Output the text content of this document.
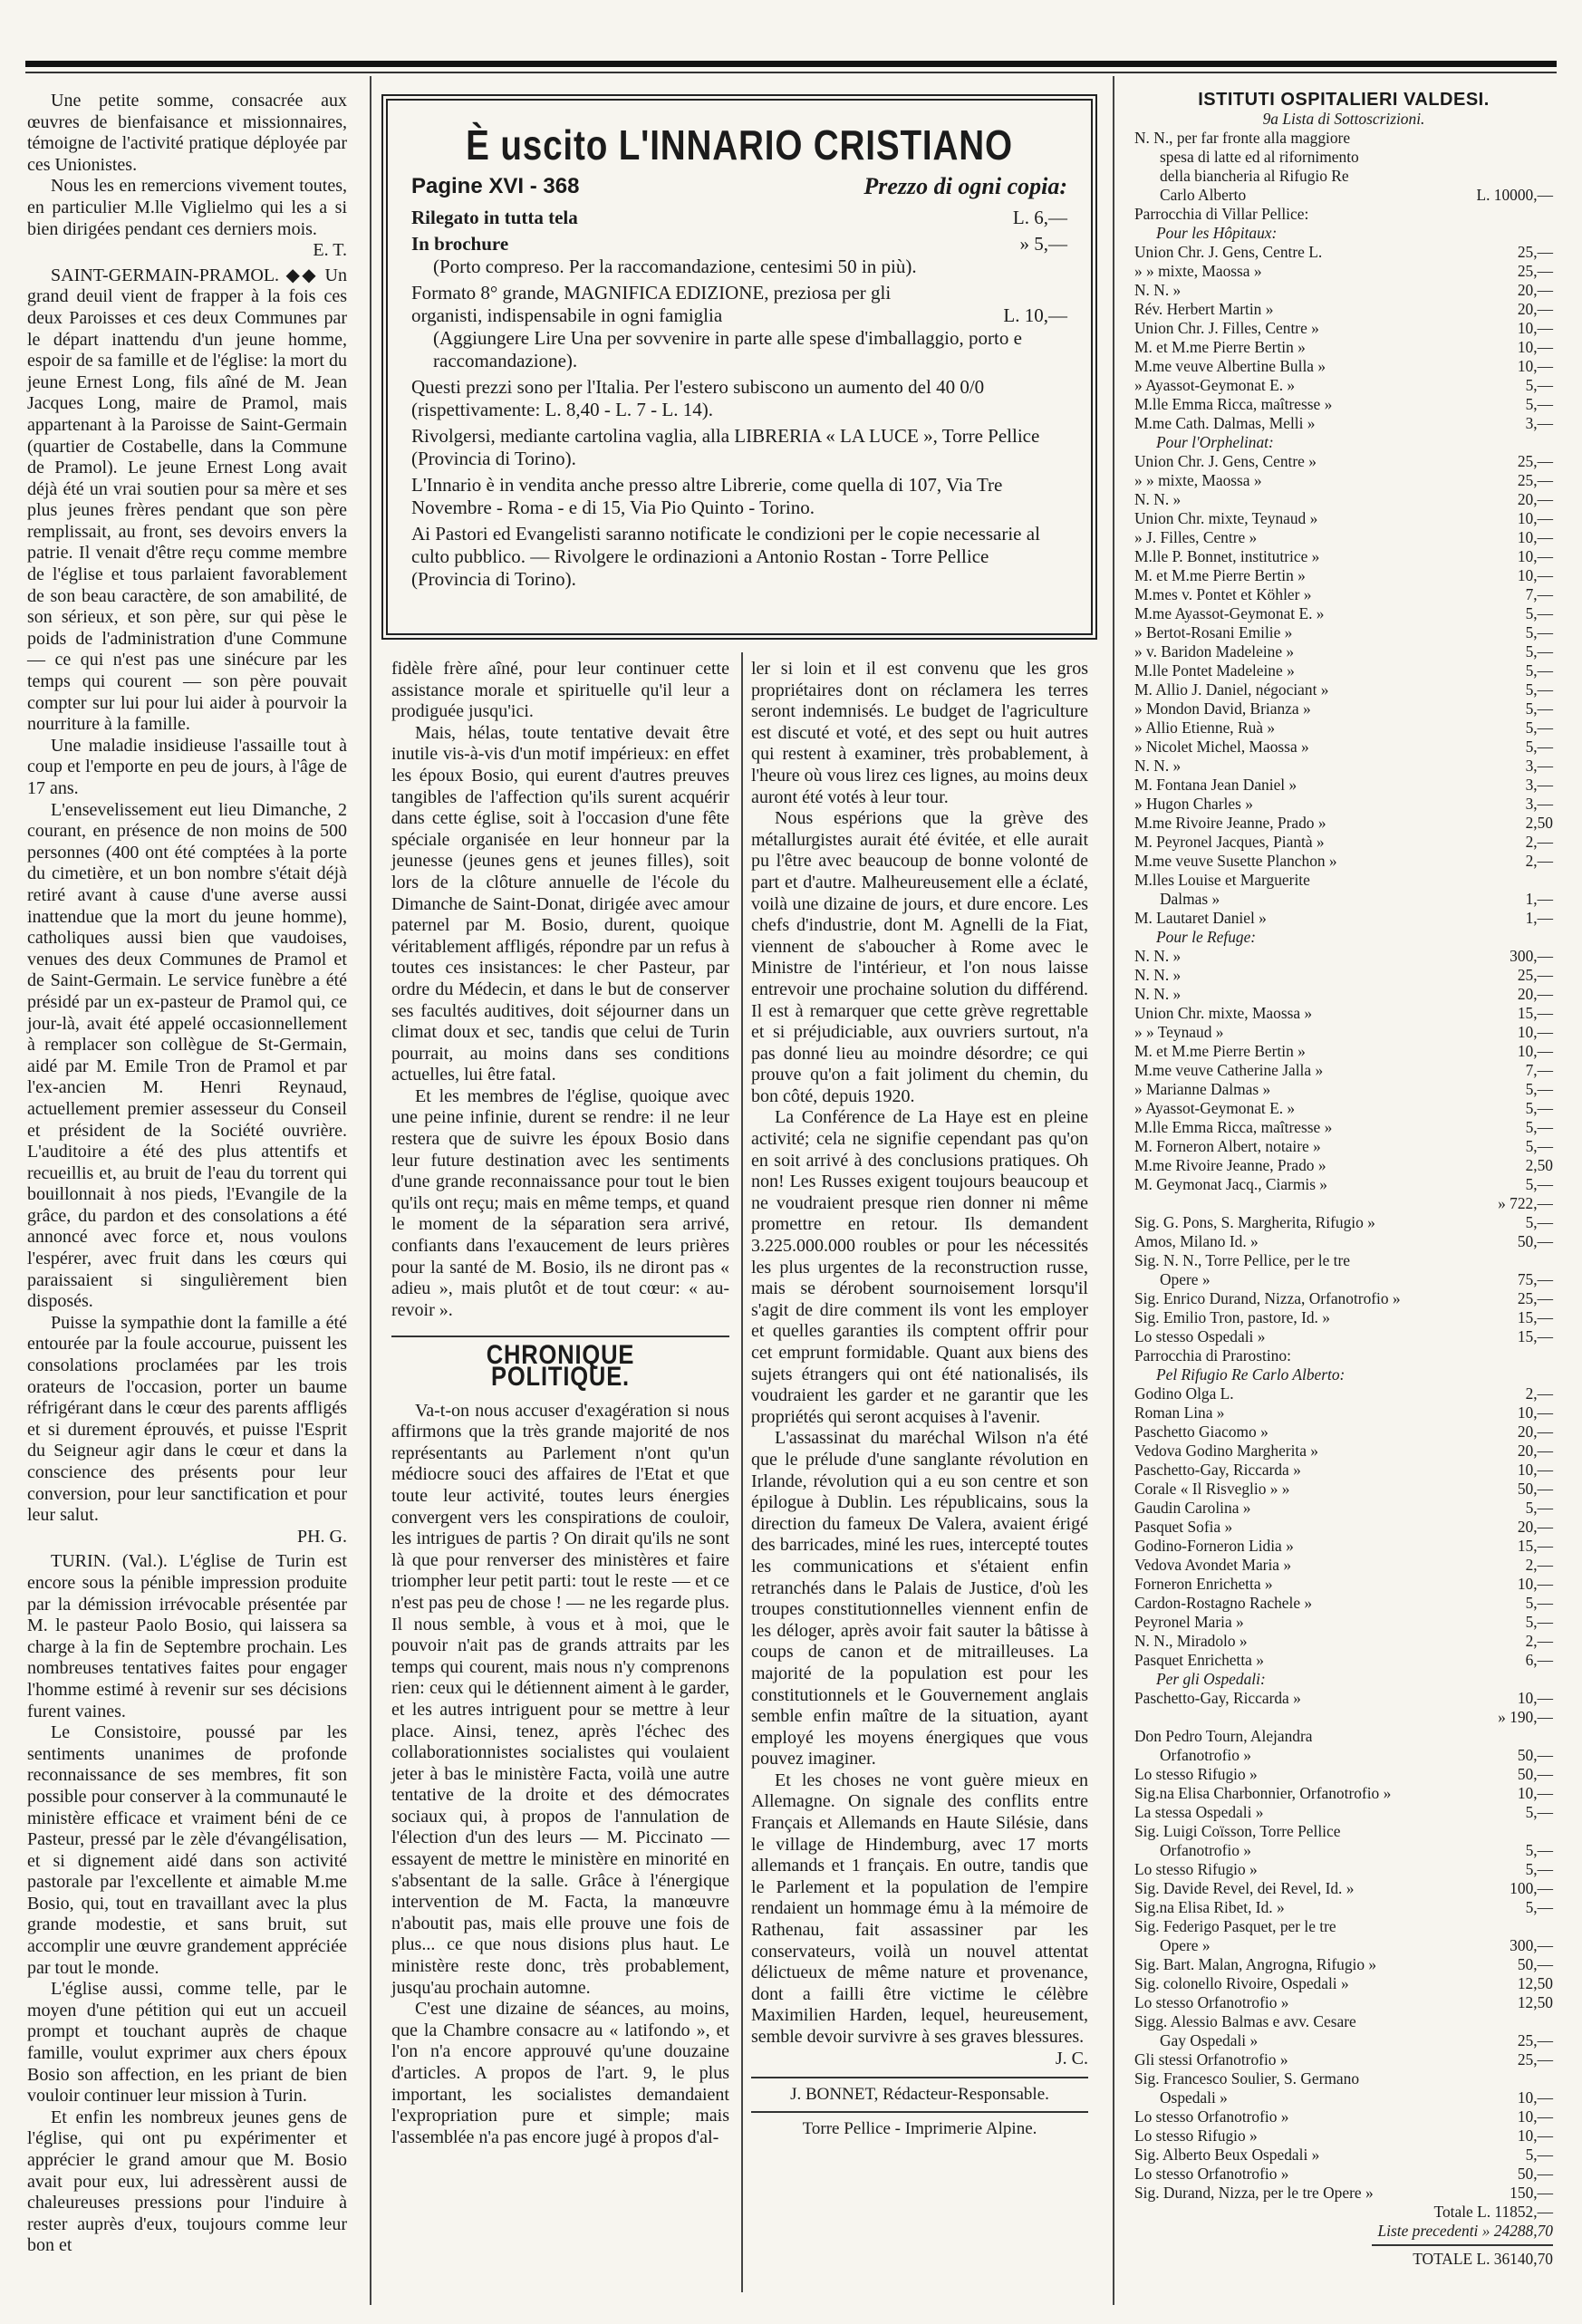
Une petite somme, consacrée aux œuvres de bienfaisance et missionnaires, témoigne de l'activité pratique déployée par ces Unionistes.

Nous les en remercions vivement toutes, en particulier M.lle Viglielmo qui les a si bien dirigées pendant ces derniers mois.

E. T.

SAINT-GERMAIN-PRAMOL. ◆◆ Un grand deuil vient de frapper à la fois ces deux Paroisses et ces deux Communes par le départ inattendu d'un jeune homme, espoir de sa famille et de l'église: la mort du jeune Ernest Long, fils aîné de M. Jean Jacques Long, maire de Pramol, mais appartenant à la Paroisse de Saint-Germain (quartier de Costabelle, dans la Commune de Pramol). Le jeune Ernest Long avait déjà été un vrai soutien pour sa mère et ses plus jeunes frères pendant que son père remplissait, au front, ses devoirs envers la patrie. Il venait d'être reçu comme membre de l'église et tous parlaient favorablement de son beau caractère, de son amabilité, de son sérieux, et son père, sur qui pèse le poids de l'administration d'une Commune — ce qui n'est pas une sinécure par les temps qui courent — son père pouvait compter sur lui pour lui aider à pourvoir la nourriture à la famille.

Une maladie insidieuse l'assaille tout à coup et l'emporte en peu de jours, à l'âge de 17 ans.

L'ensevelissement eut lieu Dimanche, 2 courant, en présence de non moins de 500 personnes (400 ont été comptées à la porte du cimetière, et un bon nombre s'était déjà retiré avant à cause d'une averse aussi inattendue que la mort du jeune homme), catholiques aussi bien que vaudoises, venues des deux Communes de Pramol et de Saint-Germain. Le service funèbre a été présidé par un ex-pasteur de Pramol qui, ce jour-là, avait été appelé occasionnellement à remplacer son collègue de St-Germain, aidé par M. Emile Tron de Pramol et par l'ex-ancien M. Henri Reynaud, actuellement premier assesseur du Conseil et président de la Société ouvrière. L'auditoire a été des plus attentifs et recueillis et, au bruit de l'eau du torrent qui bouillonnait à nos pieds, l'Evangile de la grâce, du pardon et des consolations a été annoncé avec force et, nous voulons l'espérer, avec fruit dans les cœurs qui paraissaient si singulièrement bien disposés.

Puisse la sympathie dont la famille a été entourée par la foule accourue, puissent les consolations proclamées par les trois orateurs de l'occasion, porter un baume réfrigérant dans le cœur des parents affligés et si durement éprouvés, et puisse l'Esprit du Seigneur agir dans le cœur et dans la conscience des présents pour leur conversion, pour leur sanctification et pour leur salut.

PH. G.

TURIN. (Val.). L'église de Turin est encore sous la pénible impression produite par la démission irrévocable présentée par M. le pasteur Paolo Bosio, qui laissera sa charge à la fin de Septembre prochain. Les nombreuses tentatives faites pour engager l'homme estimé à revenir sur ses décisions furent vaines.

Le Consistoire, poussé par les sentiments unanimes de profonde reconnaissance de ses membres, fit son possible pour conserver à la communauté le ministère efficace et vraiment béni de ce Pasteur, pressé par le zèle d'évangélisation, et si dignement aidé dans son activité pastorale par l'excellente et aimable M.me Bosio, qui, tout en travaillant avec la plus grande modestie, et sans bruit, sut accomplir une œuvre grandement appréciée par tout le monde.

L'église aussi, comme telle, par le moyen d'une pétition qui eut un accueil prompt et touchant auprès de chaque famille, voulut exprimer aux chers époux Bosio son affection, en les priant de bien vouloir continuer leur mission à Turin.

Et enfin les nombreux jeunes gens de l'église, qui ont pu expérimenter et apprécier le grand amour que M. Bosio avait pour eux, lui adressèrent aussi de chaleureuses pressions pour l'induire à rester auprès d'eux, toujours comme leur bon et

È uscito L'INNARIO CRISTIANO
Pagine XVI - 368	Prezzo di ogni copia:
Rilegato in tutta tela	L. 6,—
In brochure	» 5,—
(Porto compreso. Per la raccomandazione, centesimi 50 in più).
Formato 8° grande, MAGNIFICA EDIZIONE, preziosa per gli organisti, indispensabile in ogni famiglia	L. 10,—
(Aggiungere Lire Una per sovvenire in parte alle spese d'imballaggio, porto e raccomandazione).
Questi prezzi sono per l'Italia. Per l'estero subiscono un aumento del 40 0/0 (rispettivamente: L. 8,40 - L. 7 - L. 14).
Rivolgersi, mediante cartolina vaglia, alla LIBRERIA « LA LUCE », Torre Pellice (Provincia di Torino).
L'Innario è in vendita anche presso altre Librerie, come quella di 107, Via Tre Novembre - Roma - e di 15, Via Pio Quinto - Torino.
Ai Pastori ed Evangelisti saranno notificate le condizioni per le copie necessarie al culto pubblico. — Rivolgere le ordinazioni a Antonio Rostan - Torre Pellice (Provincia di Torino).

fidèle frère aîné, pour leur continuer cette assistance morale et spirituelle qu'il leur a prodiguée jusqu'ici.

Mais, hélas, toute tentative devait être inutile vis-à-vis d'un motif impérieux: en effet les époux Bosio, qui eurent d'autres preuves tangibles de l'affection qu'ils surent acquérir dans cette église, soit à l'occasion d'une fête spéciale organisée en leur honneur par la jeunesse (jeunes gens et jeunes filles), soit lors de la clôture annuelle de l'école du Dimanche de Saint-Donat, dirigée avec amour paternel par M. Bosio, durent, quoique véritablement affligés, répondre par un refus à toutes ces insistances: le cher Pasteur, par ordre du Médecin, et dans le but de conserver ses facultés auditives, doit séjourner dans un climat doux et sec, tandis que celui de Turin pourrait, au moins dans ses conditions actuelles, lui être fatal.

Et les membres de l'église, quoique avec une peine infinie, durent se rendre: il ne leur restera que de suivre les époux Bosio dans leur future destination avec les sentiments d'une grande reconnaissance pour tout le bien qu'ils ont reçu; mais en même temps, et quand le moment de la séparation sera arrivé, confiants dans l'exaucement de leurs prières pour la santé de M. Bosio, ils ne diront pas « adieu », mais plutôt et de tout cœur: « au-revoir ».

CHRONIQUE POLITIQUE.

Va-t-on nous accuser d'exagération si nous affirmons que la très grande majorité de nos représentants au Parlement n'ont qu'un médiocre souci des affaires de l'Etat et que toute leur activité, toutes leurs énergies convergent vers les conspirations de couloir, les intrigues de partis ? On dirait qu'ils ne sont là que pour renverser des ministères et faire triompher leur petit parti: tout le reste — et ce n'est pas peu de chose ! — ne les regarde plus. Il nous semble, à vous et à moi, que le pouvoir n'ait pas de grands attraits par les temps qui courent, mais nous n'y comprenons rien: ceux qui le détiennent aiment à le garder, et les autres intriguent pour se mettre à leur place. Ainsi, tenez, après l'échec des collaborationnistes socialistes qui voulaient jeter à bas le ministère Facta, voilà une autre tentative de la droite et des démocrates sociaux qui, à propos de l'annulation de l'élection d'un des leurs — M. Piccinato — essayent de mettre le ministère en minorité en s'absentant de la salle. Grâce à l'énergique intervention de M. Facta, la manœuvre n'aboutit pas, mais elle prouve une fois de plus... ce que nous disions plus haut. Le ministère reste donc, très probablement, jusqu'au prochain automne.

C'est une dizaine de séances, au moins, que la Chambre consacre au « latifondo », et l'on n'a encore approuvé qu'une douzaine d'articles. A propos de l'art. 9, le plus important, les socialistes demandaient l'expropriation pure et simple; mais l'assemblée n'a pas encore jugé à propos d'al-

ler si loin et il est convenu que les gros propriétaires dont on réclamera les terres seront indemnisés. Le budget de l'agriculture est discuté et voté, et des sept ou huit autres qui restent à examiner, très probablement, à l'heure où vous lirez ces lignes, au moins deux auront été votés à leur tour.

Nous espérions que la grève des métallurgistes aurait été évitée, et elle aurait pu l'être avec beaucoup de bonne volonté de part et d'autre. Malheureusement elle a éclaté, voilà une dizaine de jours, et dure encore. Les chefs d'industrie, dont M. Agnelli de la Fiat, viennent de s'aboucher à Rome avec le Ministre de l'intérieur, et l'on nous laisse entrevoir une prochaine solution du différend. Il est à remarquer que cette grève regrettable et si préjudiciable, aux ouvriers surtout, n'a pas donné lieu au moindre désordre; ce qui prouve qu'on a fait joliment du chemin, du bon côté, depuis 1920.

La Conférence de La Haye est en pleine activité; cela ne signifie cependant pas qu'on en soit arrivé à des conclusions pratiques. Oh non! Les Russes exigent toujours beaucoup et ne voudraient presque rien donner ni même promettre en retour. Ils demandent 3.225.000.000 roubles or pour les nécessités les plus urgentes de la reconstruction russe, mais se dérobent sournoisement lorsqu'il s'agit de dire comment ils vont les employer et quelles garanties ils comptent offrir pour cet emprunt formidable. Quant aux biens des sujets étrangers qui ont été nationalisés, ils voudraient les garder et ne garantir que les propriétés qui seront acquises à l'avenir.

L'assassinat du maréchal Wilson n'a été que le prélude d'une sanglante révolution en Irlande, révolution qui a eu son centre et son épilogue à Dublin. Les républicains, sous la direction du fameux De Valera, avaient érigé des barricades, miné les rues, intercepté toutes les communications et s'étaient enfin retranchés dans le Palais de Justice, d'où les troupes constitutionnelles viennent enfin de les déloger, après avoir fait sauter la bâtisse à coups de canon et de mitrailleuses. La majorité de la population est pour les constitutionnels et le Gouvernement anglais semble enfin maître de la situation, ayant employé les moyens énergiques que vous pouvez imaginer.

Et les choses ne vont guère mieux en Allemagne. On signale des conflits entre Français et Allemands en Haute Silésie, dans le village de Hindemburg, avec 17 morts allemands et 1 français. En outre, tandis que le Parlement et la population de l'empire rendaient un hommage ému à la mémoire de Rathenau, fait assassiner par les conservateurs, voilà un nouvel attentat délictueux de même nature et provenance, dont a failli être victime le célèbre Maximilien Harden, lequel, heureusement, semble devoir survivre à ses graves blessures.

J. C.

J. BONNET, Rédacteur-Responsable.
Torre Pellice - Imprimerie Alpine.
ISTITUTI OSPITALIERI VALDESI.
9a Lista di Sottoscrizioni.
N. N., per far fronte alla maggiore
spesa di latte ed al rifornimento
della biancheria al Rifugio Re
Carlo Alberto	L. 10000,—
Parrocchia di Villar Pellice:
Pour les Hôpitaux:
Union Chr. J. Gens, Centre L.	25,—
» » mixte, Maossa »	25,—
N. N. »	20,—
Rév. Herbert Martin »	20,—
Union Chr. J. Filles, Centre »	10,—
M. et M.me Pierre Bertin »	10,—
M.me veuve Albertine Bulla »	10,—
» Ayassot-Geymonat E. »	5,—
M.lle Emma Ricca, maîtresse »	5,—
M.me Cath. Dalmas, Melli »	3,—
Pour l'Orphelinat:
Union Chr. J. Gens, Centre »	25,—
» » mixte, Maossa »	25,—
N. N. »	20,—
Union Chr. mixte, Teynaud »	10,—
» J. Filles, Centre »	10,—
M.lle P. Bonnet, institutrice »	10,—
M. et M.me Pierre Bertin »	10,—
M.mes v. Pontet et Köhler »	7,—
M.me Ayassot-Geymonat E. »	5,—
» Bertot-Rosani Emilie »	5,—
» v. Baridon Madeleine »	5,—
M.lle Pontet Madeleine »	5,—
M. Allio J. Daniel, négociant »	5,—
» Mondon David, Brianza »	5,—
» Allio Etienne, Ruà »	5,—
» Nicolet Michel, Maossa »	5,—
N. N. »	3,—
M. Fontana Jean Daniel »	3,—
» Hugon Charles »	3,—
M.me Rivoire Jeanne, Prado »	2,50
M. Peyronel Jacques, Piantà »	2,—
M.me veuve Susette Planchon »	2,—
M.lles Louise et Marguerite
Dalmas »	1,—
M. Lautaret Daniel »	1,—
Pour le Refuge:
N. N. »	300,—
N. N. »	25,—
N. N. »	20,—
Union Chr. mixte, Maossa »	15,—
» » Teynaud »	10,—
M. et M.me Pierre Bertin »	10,—
M.me veuve Catherine Jalla »	7,—
» Marianne Dalmas »	5,—
» Ayassot-Geymonat E. »	5,—
M.lle Emma Ricca, maîtresse »	5,—
M. Forneron Albert, notaire »	5,—
M.me Rivoire Jeanne, Prado »	2,50
M. Geymonat Jacq., Ciarmis »	5,—
» 722,—
Sig. G. Pons, S. Margherita, Rifugio »	5,—
Amos, Milano Id. »	50,—
Sig. N. N., Torre Pellice, per le tre
Opere »	75,—
Sig. Enrico Durand, Nizza, Orfanotrofio »	25,—
Sig. Emilio Tron, pastore, Id. »	15,—
Lo stesso Ospedali »	15,—
Parrocchia di Prarostino:
Pel Rifugio Re Carlo Alberto:
Godino Olga L.	2,—
Roman Lina »	10,—
Paschetto Giacomo »	20,—
Vedova Godino Margherita »	20,—
Paschetto-Gay, Riccarda »	10,—
Corale « Il Risveglio » »	50,—
Gaudin Carolina »	5,—
Pasquet Sofia »	20,—
Godino-Forneron Lidia »	15,—
Vedova Avondet Maria »	2,—
Forneron Enrichetta »	10,—
Cardon-Rostagno Rachele »	5,—
Peyronel Maria »	5,—
N. N., Miradolo »	2,—
Pasquet Enrichetta »	6,—
Per gli Ospedali:
Paschetto-Gay, Riccarda »	10,—
» 190,—
Don Pedro Tourn, Alejandra
Orfanotrofio »	50,—
Lo stesso Rifugio »	50,—
Sig.na Elisa Charbonnier, Orfanotrofio »	10,—
La stessa Ospedali »	5,—
Sig. Luigi Coïsson, Torre Pellice
Orfanotrofio »	5,—
Lo stesso Rifugio »	5,—
Sig. Davide Revel, dei Revel, Id. »	100,—
Sig.na Elisa Ribet, Id. »	5,—
Sig. Federigo Pasquet, per le tre
Opere »	300,—
Sig. Bart. Malan, Angrogna, Rifugio »	50,—
Sig. colonello Rivoire, Ospedali »	12,50
Lo stesso Orfanotrofio »	12,50
Sigg. Alessio Balmas e avv. Cesare
Gay Ospedali »	25,—
Gli stessi Orfanotrofio »	25,—
Sig. Francesco Soulier, S. Germano
Ospedali »	10,—
Lo stesso Orfanotrofio »	10,—
Lo stesso Rifugio »	10,—
Sig. Alberto Beux Ospedali »	5,—
Lo stesso Orfanotrofio »	50,—
Sig. Durand, Nizza, per le tre Opere »	150,—
Totale L. 11852,—
Liste precedenti » 24288,70
TOTALE L. 36140,70
